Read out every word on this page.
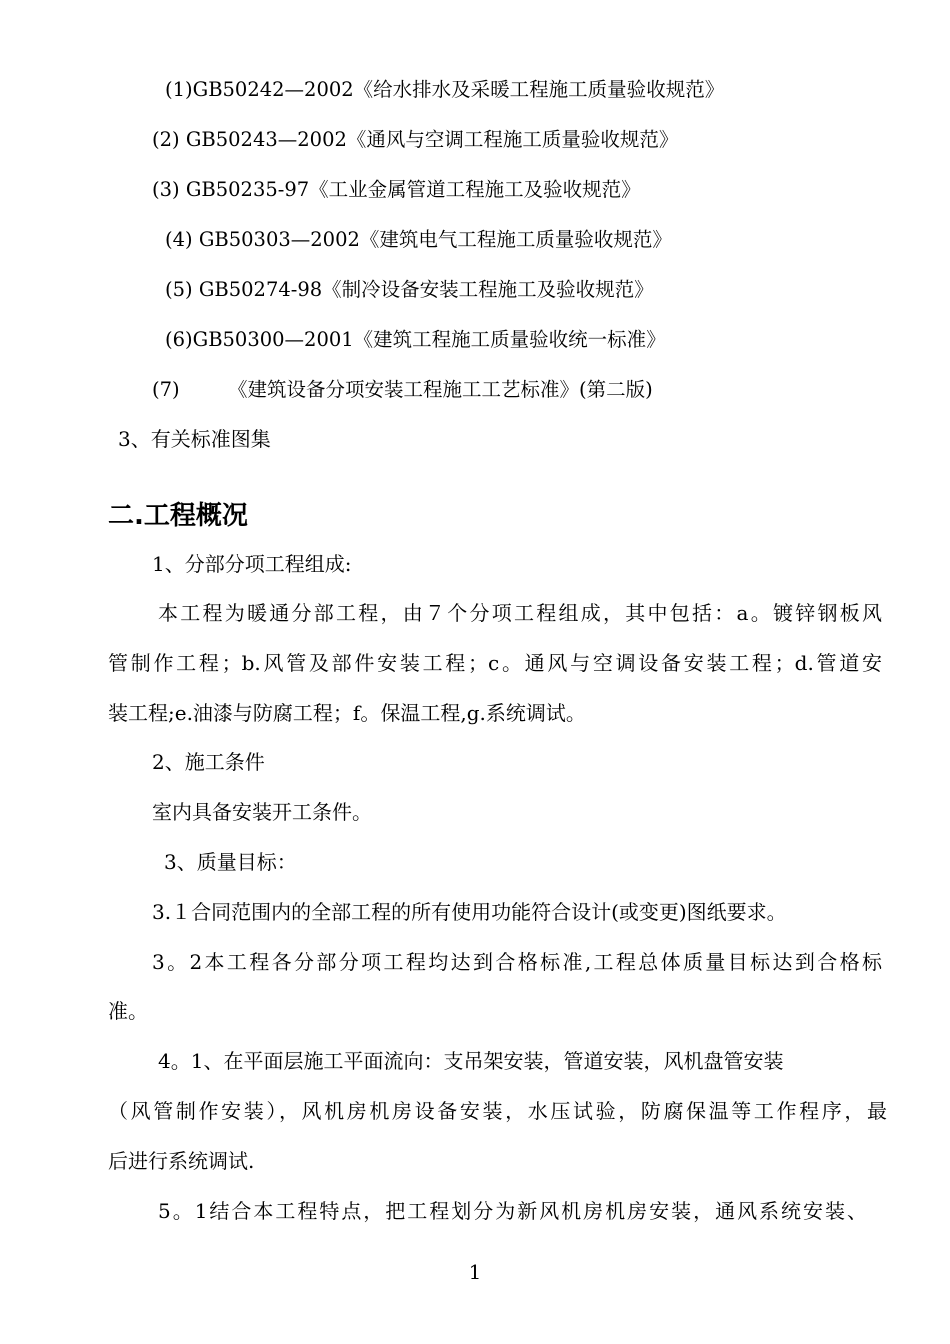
(1)GB50242—2002《给水排水及采暖工程施工质量验收规范》
(2) GB50243—2002《通风与空调工程施工质量验收规范》
(3) GB50235-97《工业金属管道工程施工及验收规范》
(4) GB50303—2002《建筑电气工程施工质量验收规范》
(5) GB50274-98《制冷设备安装工程施工及验收规范》
(6)GB50300—2001《建筑工程施工质量验收统一标准》
(7) 《建筑设备分项安装工程施工工艺标准》(第二版)
3、有关标准图集
二.工程概况
1、分部分项工程组成:
本工程为暖通分部工程，由７个分项工程组成，其中包括：a。镀锌钢板风
管制作工程；b.风管及部件安装工程；c。通风与空调设备安装工程；d.管道安
装工程;e.油漆与防腐工程；f。保温工程,g.系统调试。
2、施工条件
室内具备安装开工条件。
3、质量目标：
3.１合同范围内的全部工程的所有使用功能符合设计(或变更)图纸要求。
3。2本工程各分部分项工程均达到合格标准,工程总体质量目标达到合格标
准。
4。1、在平面层施工平面流向：支吊架安装，管道安装，风机盘管安装
（风管制作安装），风机房机房设备安装，水压试验，防腐保温等工作程序，最
后进行系统调试.
5。1结合本工程特点，把工程划分为新风机房机房安装，通风系统安装、
1
